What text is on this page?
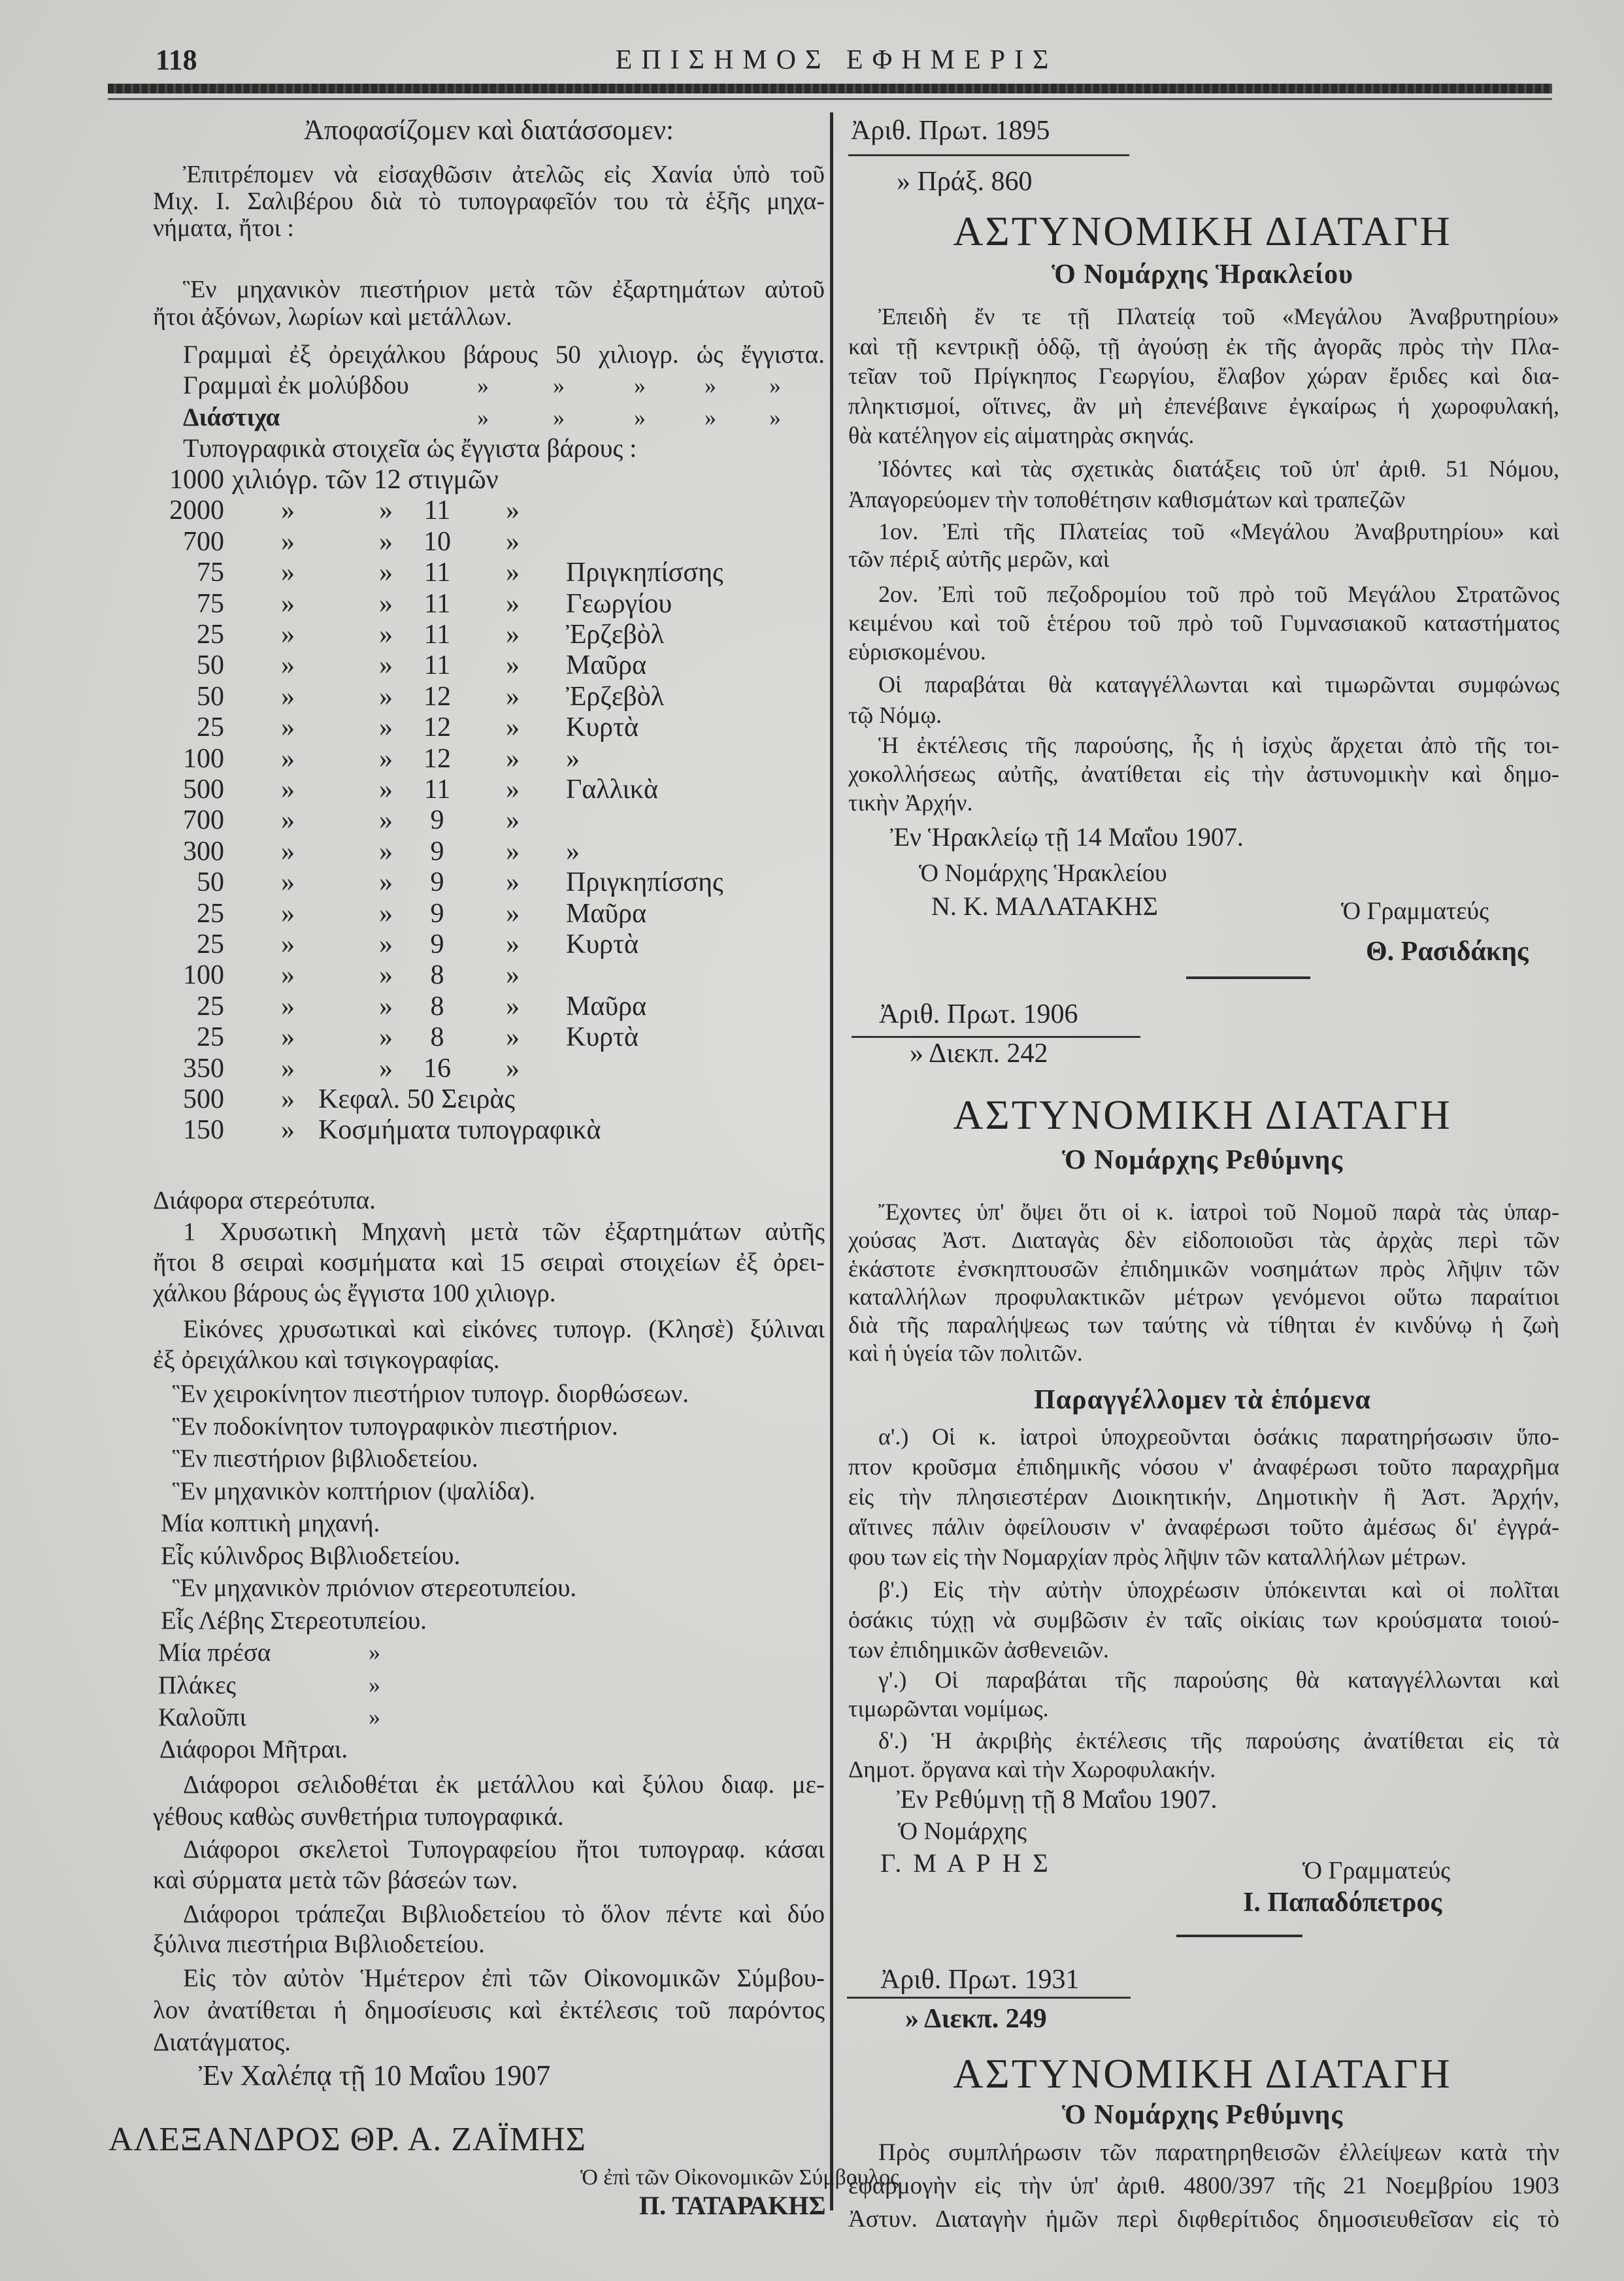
118	ΕΠΙΣΗΜΟΣ ΕΦΗΜΕΡΙΣ
Ἀποφασίζομεν καὶ διατάσσομεν:
Ἐπιτρέπομεν νὰ εἰσαχθῶσιν ἀτελῶς εἰς Χανία ὑπὸ τοῦ
Μιχ. Ι. Σαλιβέρου διὰ τὸ τυπογραφεῖόν του τὰ ἑξῆς μηχα-
νήματα, ἤτοι :
Ἓν μηχανικὸν πιεστήριον μετὰ τῶν ἐξαρτημάτων αὐτοῦ
ἤτοι ἀξόνων, λωρίων καὶ μετάλλων.
Γραμμαὶ ἐξ ὀρειχάλκου βάρους 50 χιλιογρ. ὡς ἔγγιστα.
Γραμμαὶ ἐκ μολύβδου	»	»	»	» »
Διάστιχα	»	»	»	» »
Τυπογραφικὰ στοιχεῖα ὡς ἔγγιστα βάρους :
1000 χιλιόγρ. τῶν 12 στιγμῶν
2000 »	» 11 »
700 »	» 10 »
75 »	» 11 » Πριγκηπίσσης
75 »	» 11 » Γεωργίου
25 »	» 11 » Ἐρζεβὸλ
50 »	» 11 » Μαῦρα
50 »	» 12 » Ἐρζεβὸλ
25 »	» 12 » Κυρτὰ
100 »	» 12 » »
500 »	» 11 » Γαλλικὰ
700 »	»	9	»
300 »	»	9	» »
50 »	»	9	» Πριγκηπίσσης
25 »	»	9	» Μαῦρα
25 »	»	9	» Κυρτὰ
100 »	»	8	»
25 »	»	8	» Μαῦρα
25 »	»	8	» Κυρτὰ
350 »	» 16 »
500 » Κεφαλ. 50 Σειρὰς
150 » Κοσμήματα τυπογραφικὰ
Διάφορα στερεότυπα.
1 Χρυσωτικὴ Μηχανὴ μετὰ τῶν ἐξαρτημάτων αὐτῆς
ἤτοι 8 σειραὶ κοσμήματα καὶ 15 σειραὶ στοιχείων ἐξ ὀρει-
χάλκου βάρους ὡς ἔγγιστα 100 χιλιογρ.
Εἰκόνες χρυσωτικαὶ καὶ εἰκόνες τυπογρ. (Κλησὲ) ξύλιναι
ἐξ ὀρειχάλκου καὶ τσιγκογραφίας.
Ἓν χειροκίνητον πιεστήριον τυπογρ. διορθώσεων.
Ἓν ποδοκίνητον τυπογραφικὸν πιεστήριον.
Ἓν πιεστήριον βιβλιοδετείου.
Ἓν μηχανικὸν κοπτήριον (ψαλίδα).
Μία κοπτικὴ μηχανή.
Εἷς κύλινδρος Βιβλιοδετείου.
Ἓν μηχανικὸν πριόνιον στερεοτυπείου.
Εἷς Λέβης Στερεοτυπείου.
Μία πρέσα	»
Πλάκες	»
Καλοῦπι	»
Διάφοροι Μῆτραι.
Διάφοροι σελιδοθέται ἐκ μετάλλου καὶ ξύλου διαφ. με-
γέθους καθὼς συνθετήρια τυπογραφικά.
Διάφοροι σκελετοὶ Τυπογραφείου ἤτοι τυπογραφ. κάσαι
καὶ σύρματα μετὰ τῶν βάσεών των.
Διάφοροι τράπεζαι Βιβλιοδετείου τὸ ὅλον πέντε καὶ δύο
ξύλινα πιεστήρια Βιβλιοδετείου.
Εἰς τὸν αὐτὸν Ἡμέτερον ἐπὶ τῶν Οἰκονομικῶν Σύμβου-
λον ἀνατίθεται ἡ δημοσίευσις καὶ ἐκτέλεσις τοῦ παρόντος
Διατάγματος.
Ἐν Χαλέπᾳ τῇ 10 Μαΐου 1907
ΑΛΕΞΑΝΔΡΟΣ ΘΡ. Α. ΖΑΪΜΗΣ
Ὁ ἐπὶ τῶν Οἰκονομικῶν Σύμβουλος
Π. ΤΑΤΑΡΑΚΗΣ
Ἀριθ. Πρωτ. 1895
» Πράξ. 860
ΑΣΤΥΝΟΜΙΚΗ ΔΙΑΤΑΓΗ
Ὁ Νομάρχης Ἡρακλείου
Ἐπειδὴ ἔν τε τῇ Πλατείᾳ τοῦ «Μεγάλου Ἀναβρυτηρίου»
καὶ τῇ κεντρικῇ ὁδῷ, τῇ ἀγούσῃ ἐκ τῆς ἀγορᾶς πρὸς τὴν Πλα-
τεῖαν τοῦ Πρίγκηπος Γεωργίου, ἔλαβον χώραν ἔριδες καὶ δια-
πληκτισμοί, οἵτινες, ἂν μὴ ἐπενέβαινε ἐγκαίρως ἡ χωροφυλακή,
θὰ κατέληγον εἰς αἱματηρὰς σκηνάς.
Ἰδόντες καὶ τὰς σχετικὰς διατάξεις τοῦ ὑπ' ἀριθ. 51 Νόμου,
Ἀπαγορεύομεν τὴν τοποθέτησιν καθισμάτων καὶ τραπεζῶν
1ον. Ἐπὶ τῆς Πλατείας τοῦ «Μεγάλου Ἀναβρυτηρίου» καὶ
τῶν πέριξ αὐτῆς μερῶν, καὶ
2ον. Ἐπὶ τοῦ πεζοδρομίου τοῦ πρὸ τοῦ Μεγάλου Στρατῶνος
κειμένου καὶ τοῦ ἑτέρου τοῦ πρὸ τοῦ Γυμνασιακοῦ καταστήματος
εὑρισκομένου.
Οἱ παραβάται θὰ καταγγέλλωνται καὶ τιμωρῶνται συμφώνως
τῷ Νόμῳ.
Ἡ ἐκτέλεσις τῆς παρούσης, ἧς ἡ ἰσχὺς ἄρχεται ἀπὸ τῆς τοι-
χοκολλήσεως αὐτῆς, ἀνατίθεται εἰς τὴν ἀστυνομικὴν καὶ δημο-
τικὴν Ἀρχήν.
Ἐν Ἡρακλείῳ τῇ 14 Μαΐου 1907.
Ὁ Νομάρχης Ἡρακλείου
Ν. Κ. ΜΑΛΑΤΑΚΗΣ	Ὁ Γραμματεύς
Θ. Ρασιδάκης
Ἀριθ. Πρωτ. 1906
» Διεκπ. 242
ΑΣΤΥΝΟΜΙΚΗ ΔΙΑΤΑΓΗ
Ὁ Νομάρχης Ρεθύμνης
Ἔχοντες ὑπ' ὄψει ὅτι οἱ κ. ἰατροὶ τοῦ Νομοῦ παρὰ τὰς ὑπαρ-
χούσας Ἀστ. Διαταγὰς δὲν εἰδοποιοῦσι τὰς ἀρχὰς περὶ τῶν
ἑκάστοτε ἐνσκηπτουσῶν ἐπιδημικῶν νοσημάτων πρὸς λῆψιν τῶν
καταλλήλων προφυλακτικῶν μέτρων γενόμενοι οὕτω παραίτιοι
διὰ τῆς παραλήψεως των ταύτης νὰ τίθηται ἐν κινδύνῳ ἡ ζωὴ
καὶ ἡ ὑγεία τῶν πολιτῶν.
Παραγγέλλομεν τὰ ἑπόμενα
α'.) Οἱ κ. ἰατροὶ ὑποχρεοῦνται ὁσάκις παρατηρήσωσιν ὕπο-
πτον κροῦσμα ἐπιδημικῆς νόσου ν' ἀναφέρωσι τοῦτο παραχρῆμα
εἰς τὴν πλησιεστέραν Διοικητικήν, Δημοτικὴν ἢ Ἀστ. Ἀρχήν,
αἵτινες πάλιν ὀφείλουσιν ν' ἀναφέρωσι τοῦτο ἀμέσως δι' ἐγγρά-
φου των εἰς τὴν Νομαρχίαν πρὸς λῆψιν τῶν καταλλήλων μέτρων.
β'.) Εἰς τὴν αὐτὴν ὑποχρέωσιν ὑπόκεινται καὶ οἱ πολῖται
ὁσάκις τύχῃ νὰ συμβῶσιν ἐν ταῖς οἰκίαις των κρούσματα τοιού-
των ἐπιδημικῶν ἀσθενειῶν.
γ'.) Οἱ παραβάται τῆς παρούσης θὰ καταγγέλλωνται καὶ
τιμωρῶνται νομίμως.
δ'.) Ἡ ἀκριβὴς ἐκτέλεσις τῆς παρούσης ἀνατίθεται εἰς τὰ
Δημοτ. ὄργανα καὶ τὴν Χωροφυλακήν.
Ἐν Ρεθύμνῃ τῇ 8 Μαΐου 1907.
Ὁ Νομάρχης
Γ. Μ Α Ρ Η Σ	Ὁ Γραμματεύς
Ι. Παπαδόπετρος
Ἀριθ. Πρωτ. 1931
» Διεκπ. 249
ΑΣΤΥΝΟΜΙΚΗ ΔΙΑΤΑΓΗ
Ὁ Νομάρχης Ρεθύμνης
Πρὸς συμπλήρωσιν τῶν παρατηρηθεισῶν ἐλλείψεων κατὰ τὴν
ἐφαρμογὴν εἰς τὴν ὑπ' ἀριθ. 4800/397 τῆς 21 Νοεμβρίου 1903
Ἀστυν. Διαταγὴν ἡμῶν περὶ διφθερίτιδος δημοσιευθεῖσαν εἰς τὸ
